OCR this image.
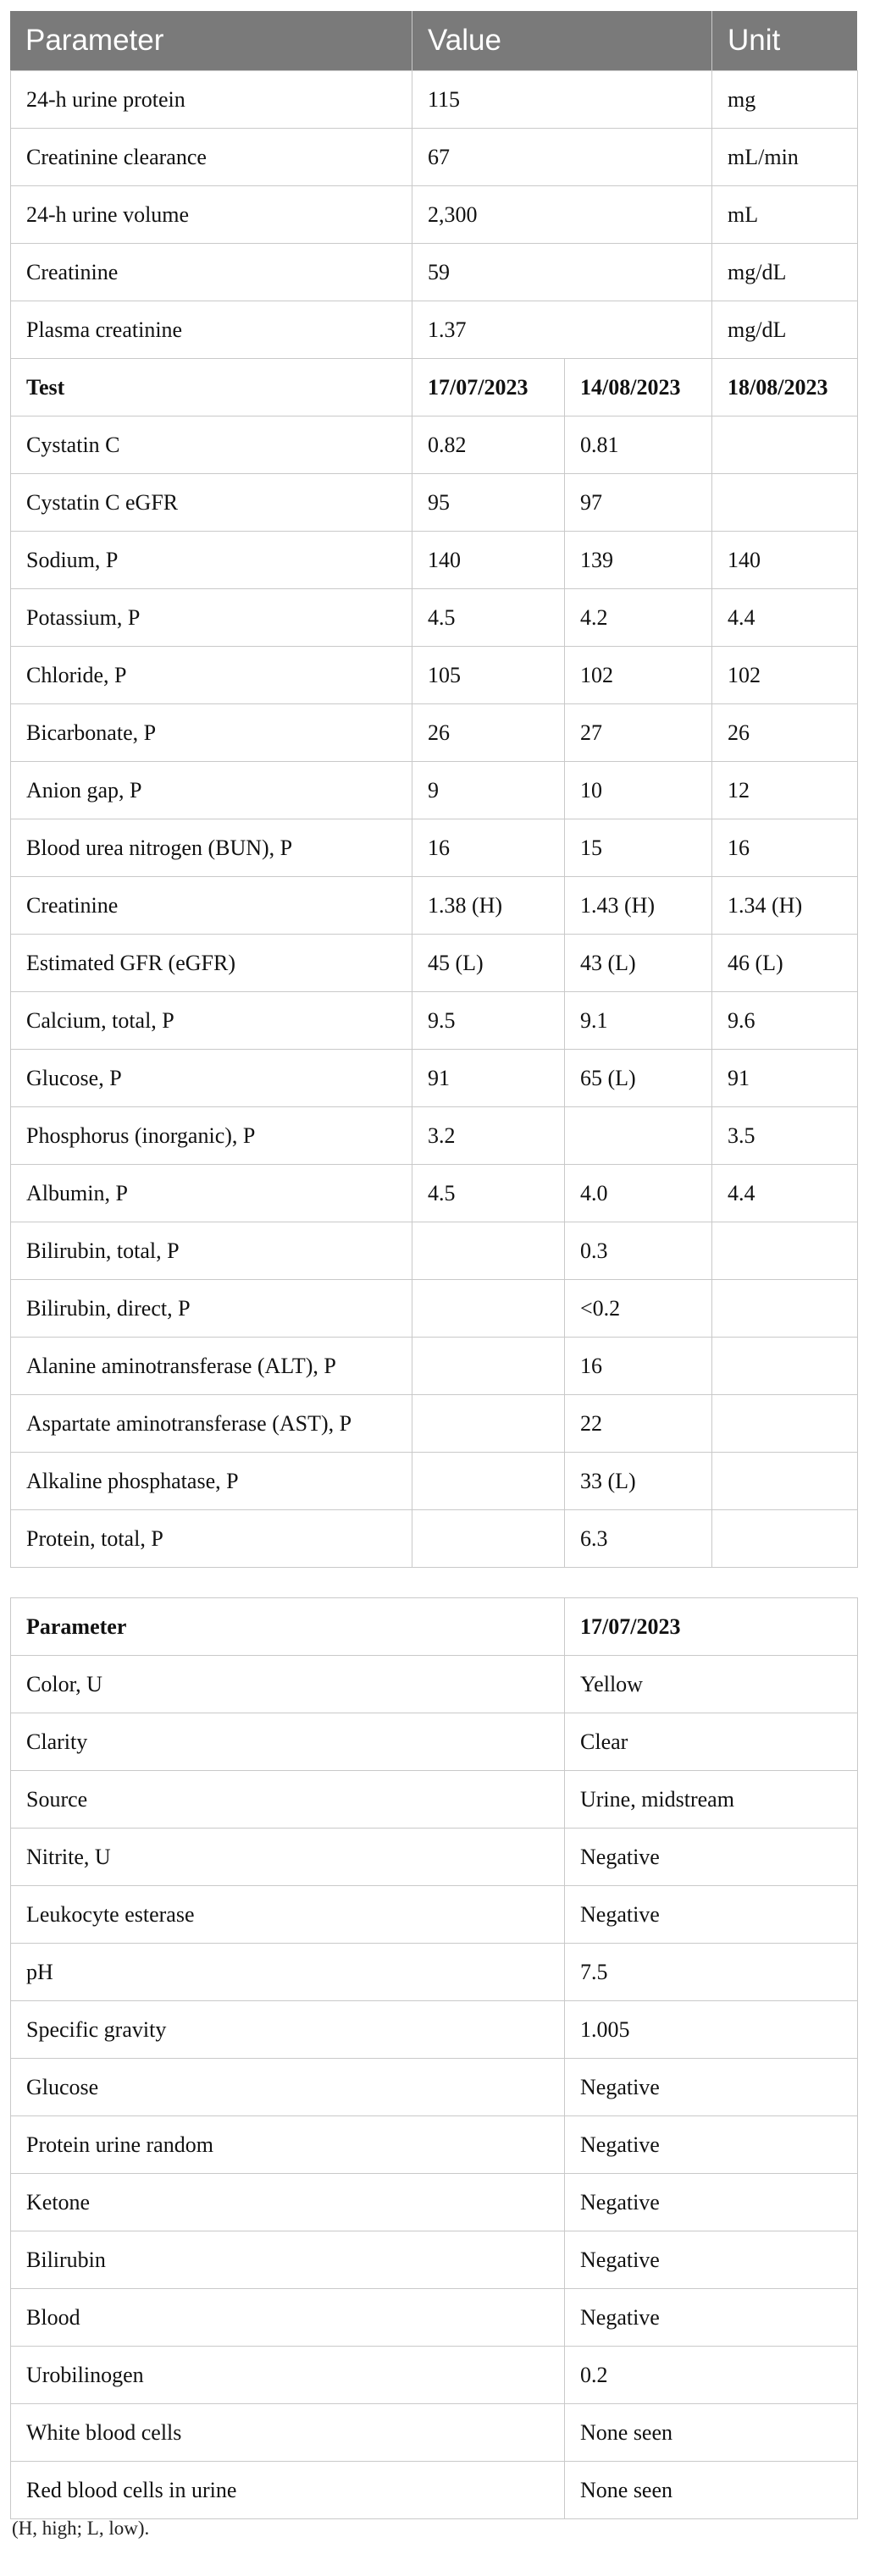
Parameter	Value	Unit
24-h urine protein	115		mg
Creatinine clearance	67		mL/min
24-h urine volume	2,300		mL
Creatinine	59		mg/dL
Plasma creatinine	1.37		mg/dL
Test	17/07/2023	14/08/2023	18/08/2023
Cystatin C	0.82	0.81	
Cystatin C eGFR	95	97	
Sodium, P	140	139	140
Potassium, P	4.5	4.2	4.4
Chloride, P	105	102	102
Bicarbonate, P	26	27	26
Anion gap, P	9	10	12
Blood urea nitrogen (BUN), P	16	15	16
Creatinine	1.38 (H)	1.43 (H)	1.34 (H)
Estimated GFR (eGFR)	45 (L)	43 (L)	46 (L)
Calcium, total, P	9.5	9.1	9.6
Glucose, P	91	65 (L)	91
Phosphorus (inorganic), P	3.2		3.5
Albumin, P	4.5	4.0	4.4
Bilirubin, total, P		0.3	
Bilirubin, direct, P		<0.2	
Alanine aminotransferase (ALT), P		16	
Aspartate aminotransferase (AST), P		22	
Alkaline phosphatase, P		33 (L)	
Protein, total, P		6.3	
Parameter	17/07/2023
Color, U	Yellow
Clarity	Clear
Source	Urine, midstream
Nitrite, U	Negative
Leukocyte esterase	Negative
pH	7.5
Specific gravity	1.005
Glucose	Negative
Protein urine random	Negative
Ketone	Negative
Bilirubin	Negative
Blood	Negative
Urobilinogen	0.2
White blood cells	None seen
Red blood cells in urine	None seen
(H, high; L, low).
